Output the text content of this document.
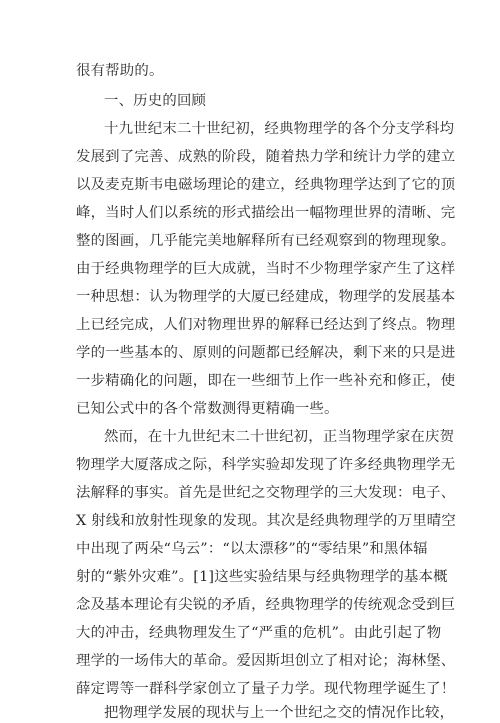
很有帮助的。
一、历史的回顾
十九世纪末二十世纪初，经典物理学的各个分支学科均
发展到了完善、成熟的阶段，随着热力学和统计力学的建立
以及麦克斯韦电磁场理论的建立，经典物理学达到了它的顶
峰，当时人们以系统的形式描绘出一幅物理世界的清晰、完
整的图画，几乎能完美地解释所有已经观察到的物理现象。
由于经典物理学的巨大成就，当时不少物理学家产生了这样
一种思想：认为物理学的大厦已经建成，物理学的发展基本
上已经完成，人们对物理世界的解释已经达到了终点。物理
学的一些基本的、原则的问题都已经解决，剩下来的只是进
一步精确化的问题，即在一些细节上作一些补充和修正，使
已知公式中的各个常数测得更精确一些。
然而，在十九世纪末二十世纪初，正当物理学家在庆贺
物理学大厦落成之际，科学实验却发现了许多经典物理学无
法解释的事实。首先是世纪之交物理学的三大发现：电子、
X 射线和放射性现象的发现。其次是经典物理学的万里晴空
中出现了两朵“乌云”：“以太漂移”的“零结果”和黑体辐
射的“紫外灾难”。[1]这些实验结果与经典物理学的基本概
念及基本理论有尖锐的矛盾，经典物理学的传统观念受到巨
大的冲击，经典物理发生了“严重的危机”。由此引起了物
理学的一场伟大的革命。爱因斯坦创立了相对论；海林堡、
薛定谔等一群科学家创立了量子力学。现代物理学诞生了！
把物理学发展的现状与上一个世纪之交的情况作比较，
